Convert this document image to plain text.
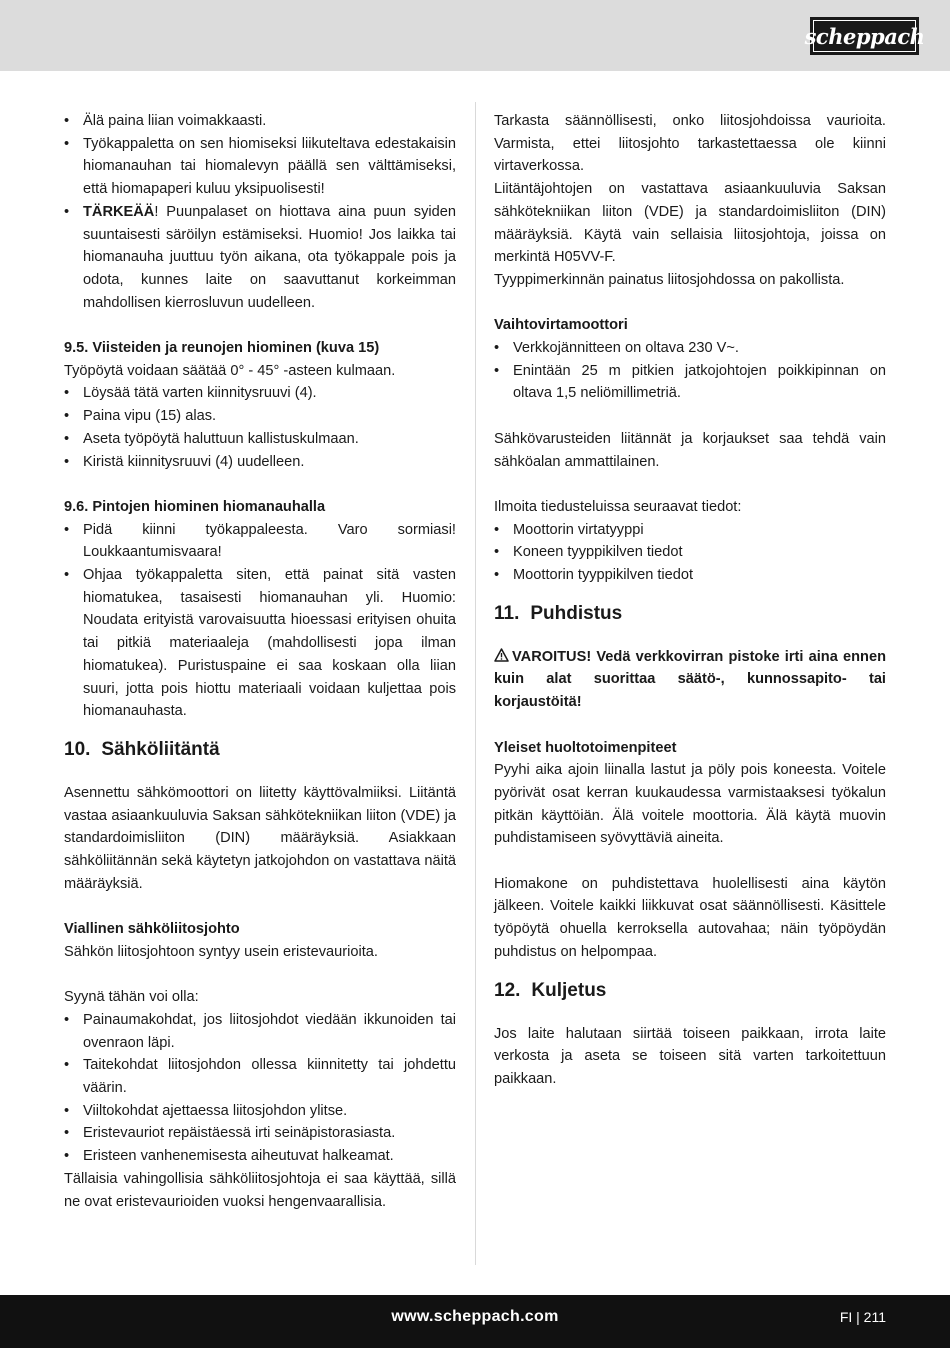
scheppach
• Älä paina liian voimakkaasti.
• Työkappaletta on sen hiomiseksi liikuteltava edestakaisin hiomanauhan tai hiomalevyn päällä sen välttämiseksi, että hiomapaperi kuluu yksipuolisesti!
• TÄRKEÄÄ! Puunpalaset on hiottava aina puun syiden suuntaisesti säröilyn estämiseksi. Huomio! Jos laikka tai hiomanauha juuttuu työn aikana, ota työkappale pois ja odota, kunnes laite on saavuttanut korkeimman mahdollisen kierrosluvun uudelleen.
9.5. Viisteiden ja reunojen hiominen (kuva 15)
Työpöytä voidaan säätää 0° - 45° -asteen kulmaan.
• Löysää tätä varten kiinnitysruuvi (4).
• Paina vipu (15) alas.
• Aseta työpöytä haluttuun kallistuskulmaan.
• Kiristä kiinnitysruuvi (4) uudelleen.
9.6. Pintojen hiominen hiomanauhalla
• Pidä kiinni työkappaleesta. Varo sormiasi! Loukkaantumisvaara!
• Ohjaa työkappaletta siten, että painat sitä vasten hiomatukea, tasaisesti hiomanauhan yli. Huomio: Noudata erityistä varovaisuutta hioessasi erityisen ohuita tai pitkiä materiaaleja (mahdollisesti jopa ilman hiomatukea). Puristuspaine ei saa koskaan olla liian suuri, jotta pois hiottu materiaali voidaan kuljettaa pois hiomanauhasta.
10. Sähköliitäntä
Asennettu sähkömoottori on liitetty käyttövalmiiksi. Liitäntä vastaa asiaankuuluvia Saksan sähkötekniikan liiton (VDE) ja standardoimisliiton (DIN) määräyksiä. Asiakkaan sähköliitännän sekä käytetyn jatkojohdon on vastattava näitä määräyksiä.
Viallinen sähköliitosjohto
Sähkön liitosjohtoon syntyy usein eristevaurioita.
Syynä tähän voi olla:
• Painaumakohdat, jos liitosjohdot viedään ikkunoiden tai ovenraon läpi.
• Taitekohdat liitosjohdon ollessa kiinnitetty tai johdettu väärin.
• Viiltokohdat ajettaessa liitosjohdon ylitse.
• Eristevauriot repäistäessä irti seinäpistorasiasta.
• Eristeen vanhenemisesta aiheutuvat halkeamat.
Tällaisia vahingollisia sähköliitosjohtoja ei saa käyttää, sillä ne ovat eristevaurioiden vuoksi hengenvaarallisia.
Tarkasta säännöllisesti, onko liitosjohdoissa vaurioita. Varmista, ettei liitosjohto tarkastettaessa ole kiinni virtaverkossa.
Liitäntäjohtojen on vastattava asiaankuuluvia Saksan sähkötekniikan liiton (VDE) ja standardoimisliiton (DIN) määräyksiä. Käytä vain sellaisia liitosjohtoja, joissa on merkintä H05VV-F.
Tyyppimerkinnän painatus liitosjohdossa on pakollista.
Vaihtovirtamoottori
• Verkkojännitteen on oltava 230 V~.
• Enintään 25 m pitkien jatkojohtojen poikkipinnan on oltava 1,5 neliömillimetriä.
Sähkövarusteiden liitännät ja korjaukset saa tehdä vain sähköalan ammattilainen.
Ilmoita tiedusteluissa seuraavat tiedot:
• Moottorin virtatyyppi
• Koneen tyyppikilven tiedot
• Moottorin tyyppikilven tiedot
11. Puhdistus
VAROITUS! Vedä verkkovirran pistoke irti aina ennen kuin alat suorittaa säätö-, kunnossapito- tai korjaustöitä!
Yleiset huoltotoimenpiteet
Pyyhi aika ajoin liinalla lastut ja pöly pois koneesta. Voitele pyörivät osat kerran kuukaudessa varmistaaksesi työkalun pitkän käyttöiän. Älä voitele moottoria. Älä käytä muovin puhdistamiseen syövyttäviä aineita.
Hiomakone on puhdistettava huolellisesti aina käytön jälkeen. Voitele kaikki liikkuvat osat säännöllisesti. Käsittele työpöytä ohuella kerroksella autovahaa; näin työpöydän puhdistus on helpompaa.
12. Kuljetus
Jos laite halutaan siirtää toiseen paikkaan, irrota laite verkosta ja aseta se toiseen sitä varten tarkoitettuun paikkaan.
www.scheppach.com	FI | 211
